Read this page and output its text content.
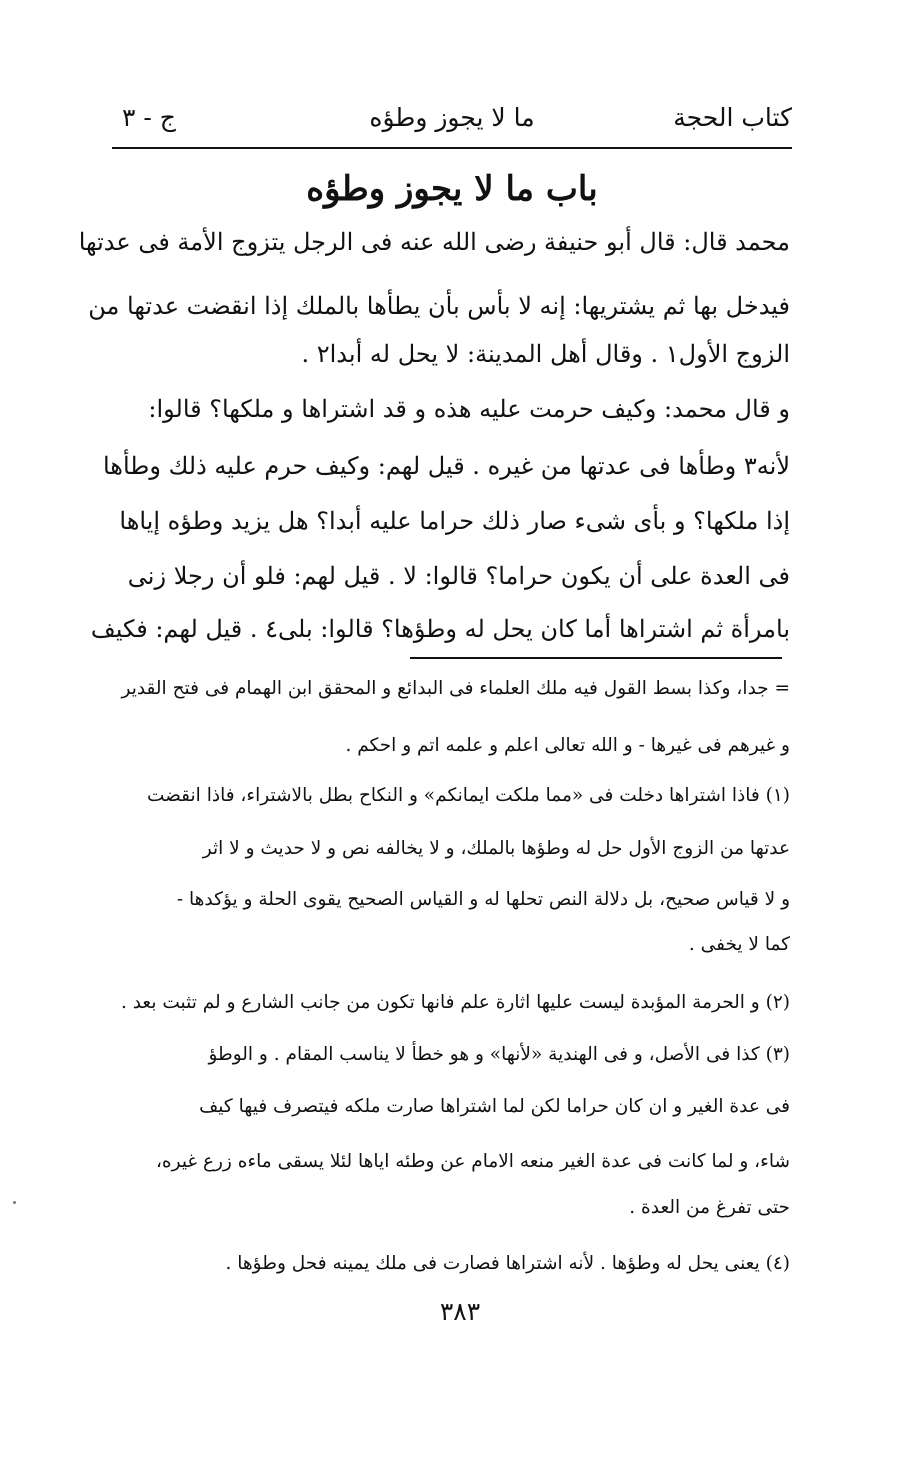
كتاب الحجة
ما لا يجوز وطؤه
ج - ٣
باب ما لا يجوز وطؤه
محمد قال: قال أبو حنيفة رضى الله عنه فى الرجل يتزوج الأمة فى عدتها
فيدخل بها ثم يشتريها: إنه لا بأس بأن يطأها بالملك إذا انقضت عدتها من
الزوج الأول١ . وقال أهل المدينة: لا يحل له أبدا٢ .
و قال محمد: وكيف حرمت عليه هذه و قد اشتراها و ملكها؟ قالوا:
لأنه٣ وطأها فى عدتها من غيره . قيل لهم: وكيف حرم عليه ذلك وطأها
إذا ملكها؟ و بأى شىء صار ذلك حراما عليه أبدا؟ هل يزيد وطؤه إياها
فى العدة على أن يكون حراما؟ قالوا: لا . قيل لهم: فلو أن رجلا زنى
بامرأة ثم اشتراها أما كان يحل له وطؤها؟ قالوا: بلى٤ . قيل لهم: فكيف
= جدا، وكذا بسط القول فيه ملك العلماء فى البدائع و المحقق ابن الهمام فى فتح القدير
و غيرهم فى غيرها - و الله تعالى اعلم و علمه اتم و احكم .
(١) فاذا اشتراها دخلت فى «مما ملكت ايمانكم» و النكاح بطل بالاشتراء، فاذا انقضت
عدتها من الزوج الأول حل له وطؤها بالملك، و لا يخالفه نص و لا حديث و لا اثر
و لا قياس صحيح، بل دلالة النص تحلها له و القياس الصحيح يقوى الحلة و يؤكدها -
كما لا يخفى .
(٢) و الحرمة المؤبدة ليست عليها اثارة علم فانها تكون من جانب الشارع و لم تثبت بعد .
(٣) كذا فى الأصل، و فى الهندية «لأنها» و هو خطأ لا يناسب المقام . و الوطؤ
فى عدة الغير و ان كان حراما لكن لما اشتراها صارت ملكه فيتصرف فيها كيف
شاء، و لما كانت فى عدة الغير منعه الامام عن وطئه اياها لئلا يسقى ماءه زرع غيره،
حتى تفرغ من العدة .
(٤) يعنى يحل له وطؤها . لأنه اشتراها فصارت فى ملك يمينه فحل وطؤها .
٣٨٣
